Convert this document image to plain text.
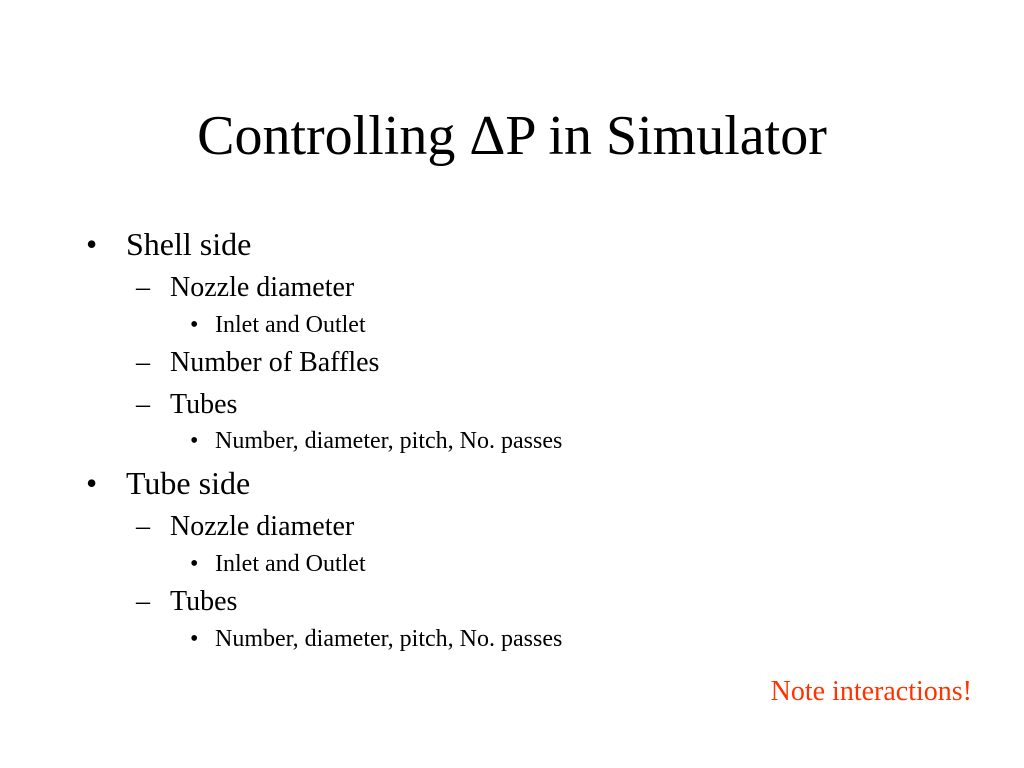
Controlling ΔP in Simulator
• Shell side
– Nozzle diameter
• Inlet and Outlet
– Number of Baffles
– Tubes
• Number, diameter, pitch, No. passes
• Tube side
– Nozzle diameter
• Inlet and Outlet
– Tubes
• Number, diameter, pitch, No. passes
Note interactions!
